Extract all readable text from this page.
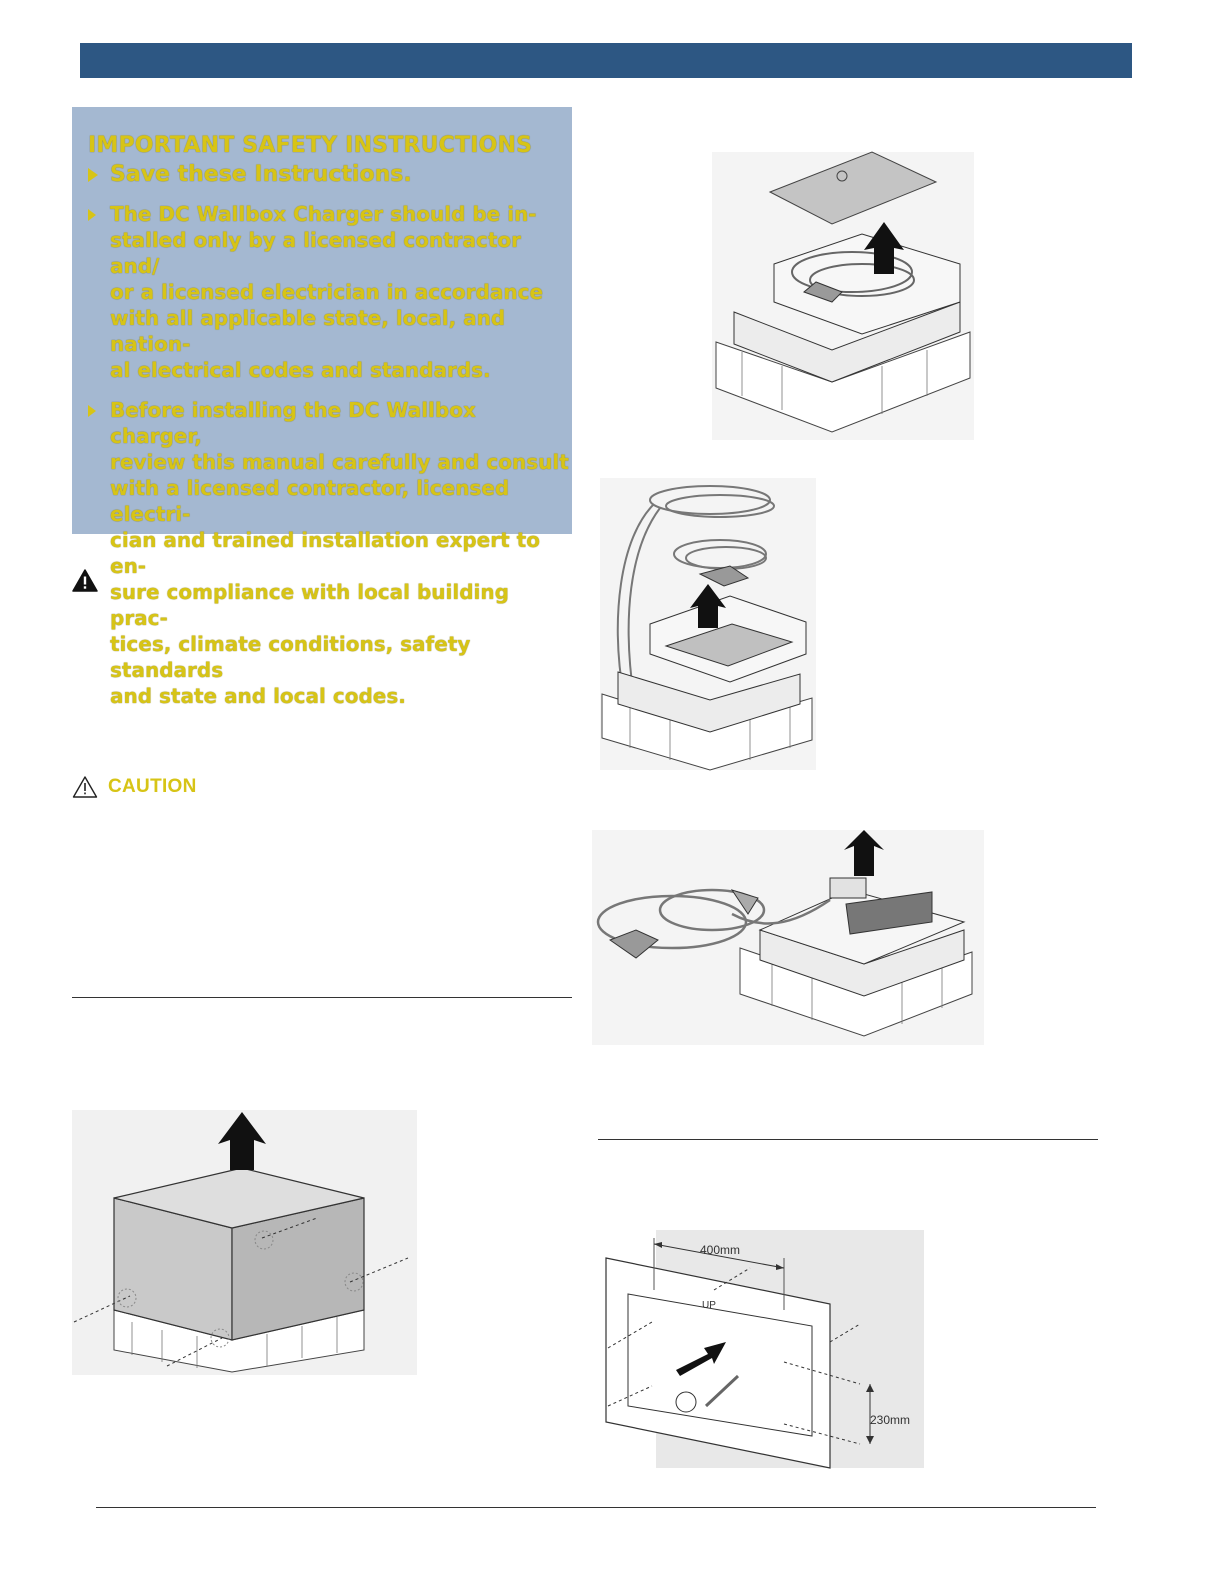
IMPORTANT SAFETY INSTRUCTIONS
Save these Instructions.
The DC Wallbox Charger should be in-
stalled only by a licensed contractor and/
or a licensed electrician in accordance
with all applicable state, local, and nation-
al electrical codes and standards.
Before installing the DC Wallbox charger,
review this manual carefully and consult
with a licensed contractor, licensed electri-
cian and trained installation expert to en-
sure compliance with local building prac-
tices, climate conditions, safety standards
and state and local codes.
CAUTION
400mm
UP
230mm
